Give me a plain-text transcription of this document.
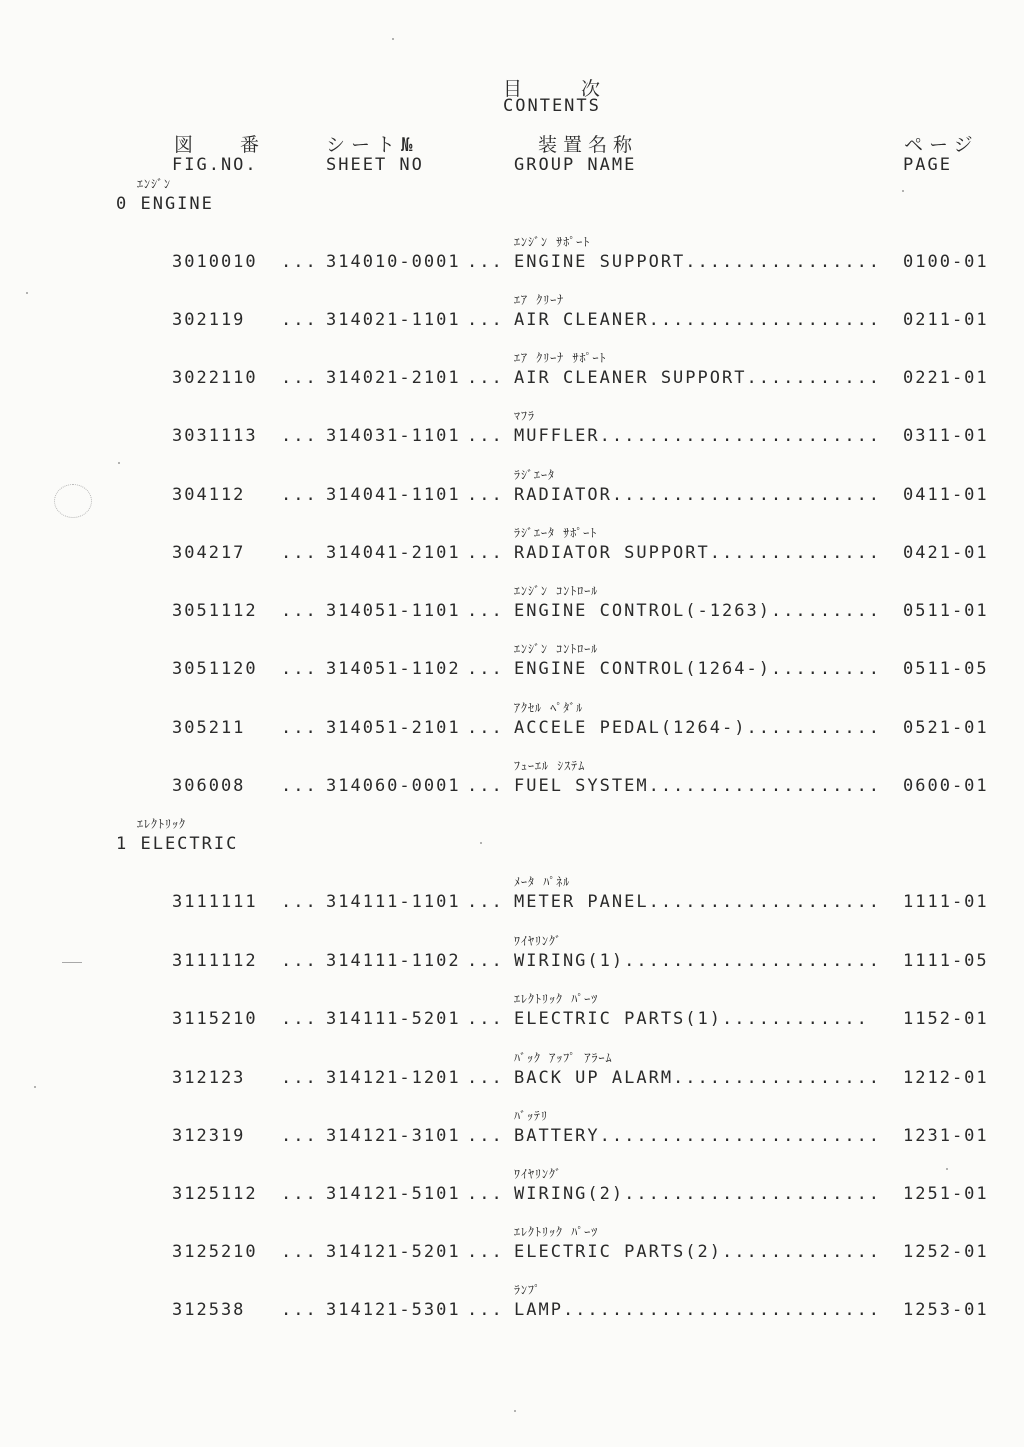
目　次
CONTENTS
図　番
FIG.NO.
シート№
SHEET NO
装置名称
GROUP NAME
ページ
PAGE
ｴﾝｼﾞﾝ
0 ENGINE
ｴﾝｼﾞﾝ ｻﾎﾟｰﾄ
3010010 ... 314010-0001 ... ENGINE SUPPORT................ 0100-01
ｴｱ ｸﾘｰﾅ
302119 ... 314021-1101 ... AIR CLEANER................... 0211-01
ｴｱ ｸﾘｰﾅ ｻﾎﾟｰﾄ
3022110 ... 314021-2101 ... AIR CLEANER SUPPORT........... 0221-01
ﾏﾌﾗ
3031113 ... 314031-1101 ... MUFFLER....................... 0311-01
ﾗｼﾞｴｰﾀ
304112 ... 314041-1101 ... RADIATOR...................... 0411-01
ﾗｼﾞｴｰﾀ ｻﾎﾟｰﾄ
304217 ... 314041-2101 ... RADIATOR SUPPORT.............. 0421-01
ｴﾝｼﾞﾝ ｺﾝﾄﾛｰﾙ
3051112 ... 314051-1101 ... ENGINE CONTROL(-1263)......... 0511-01
ｴﾝｼﾞﾝ ｺﾝﾄﾛｰﾙ
3051120 ... 314051-1102 ... ENGINE CONTROL(1264-)......... 0511-05
ｱｸｾﾙ ﾍﾟﾀﾞﾙ
305211 ... 314051-2101 ... ACCELE PEDAL(1264-)........... 0521-01
ﾌｭｰｴﾙ ｼｽﾃﾑ
306008 ... 314060-0001 ... FUEL SYSTEM................... 0600-01
ｴﾚｸﾄﾘｯｸ
1 ELECTRIC
ﾒｰﾀ ﾊﾟﾈﾙ
3111111 ... 314111-1101 ... METER PANEL................... 1111-01
ﾜｲﾔﾘﾝｸﾞ
3111112 ... 314111-1102 ... WIRING(1)..................... 1111-05
ｴﾚｸﾄﾘｯｸ ﾊﾟｰﾂ
3115210 ... 314111-5201 ... ELECTRIC PARTS(1)............ 1152-01
ﾊﾞｯｸ ｱｯﾌﾟ ｱﾗｰﾑ
312123 ... 314121-1201 ... BACK UP ALARM................. 1212-01
ﾊﾞｯﾃﾘ
312319 ... 314121-3101 ... BATTERY....................... 1231-01
ﾜｲﾔﾘﾝｸﾞ
3125112 ... 314121-5101 ... WIRING(2)..................... 1251-01
ｴﾚｸﾄﾘｯｸ ﾊﾟｰﾂ
3125210 ... 314121-5201 ... ELECTRIC PARTS(2)............. 1252-01
ﾗﾝﾌﾟ
312538 ... 314121-5301 ... LAMP.......................... 1253-01
